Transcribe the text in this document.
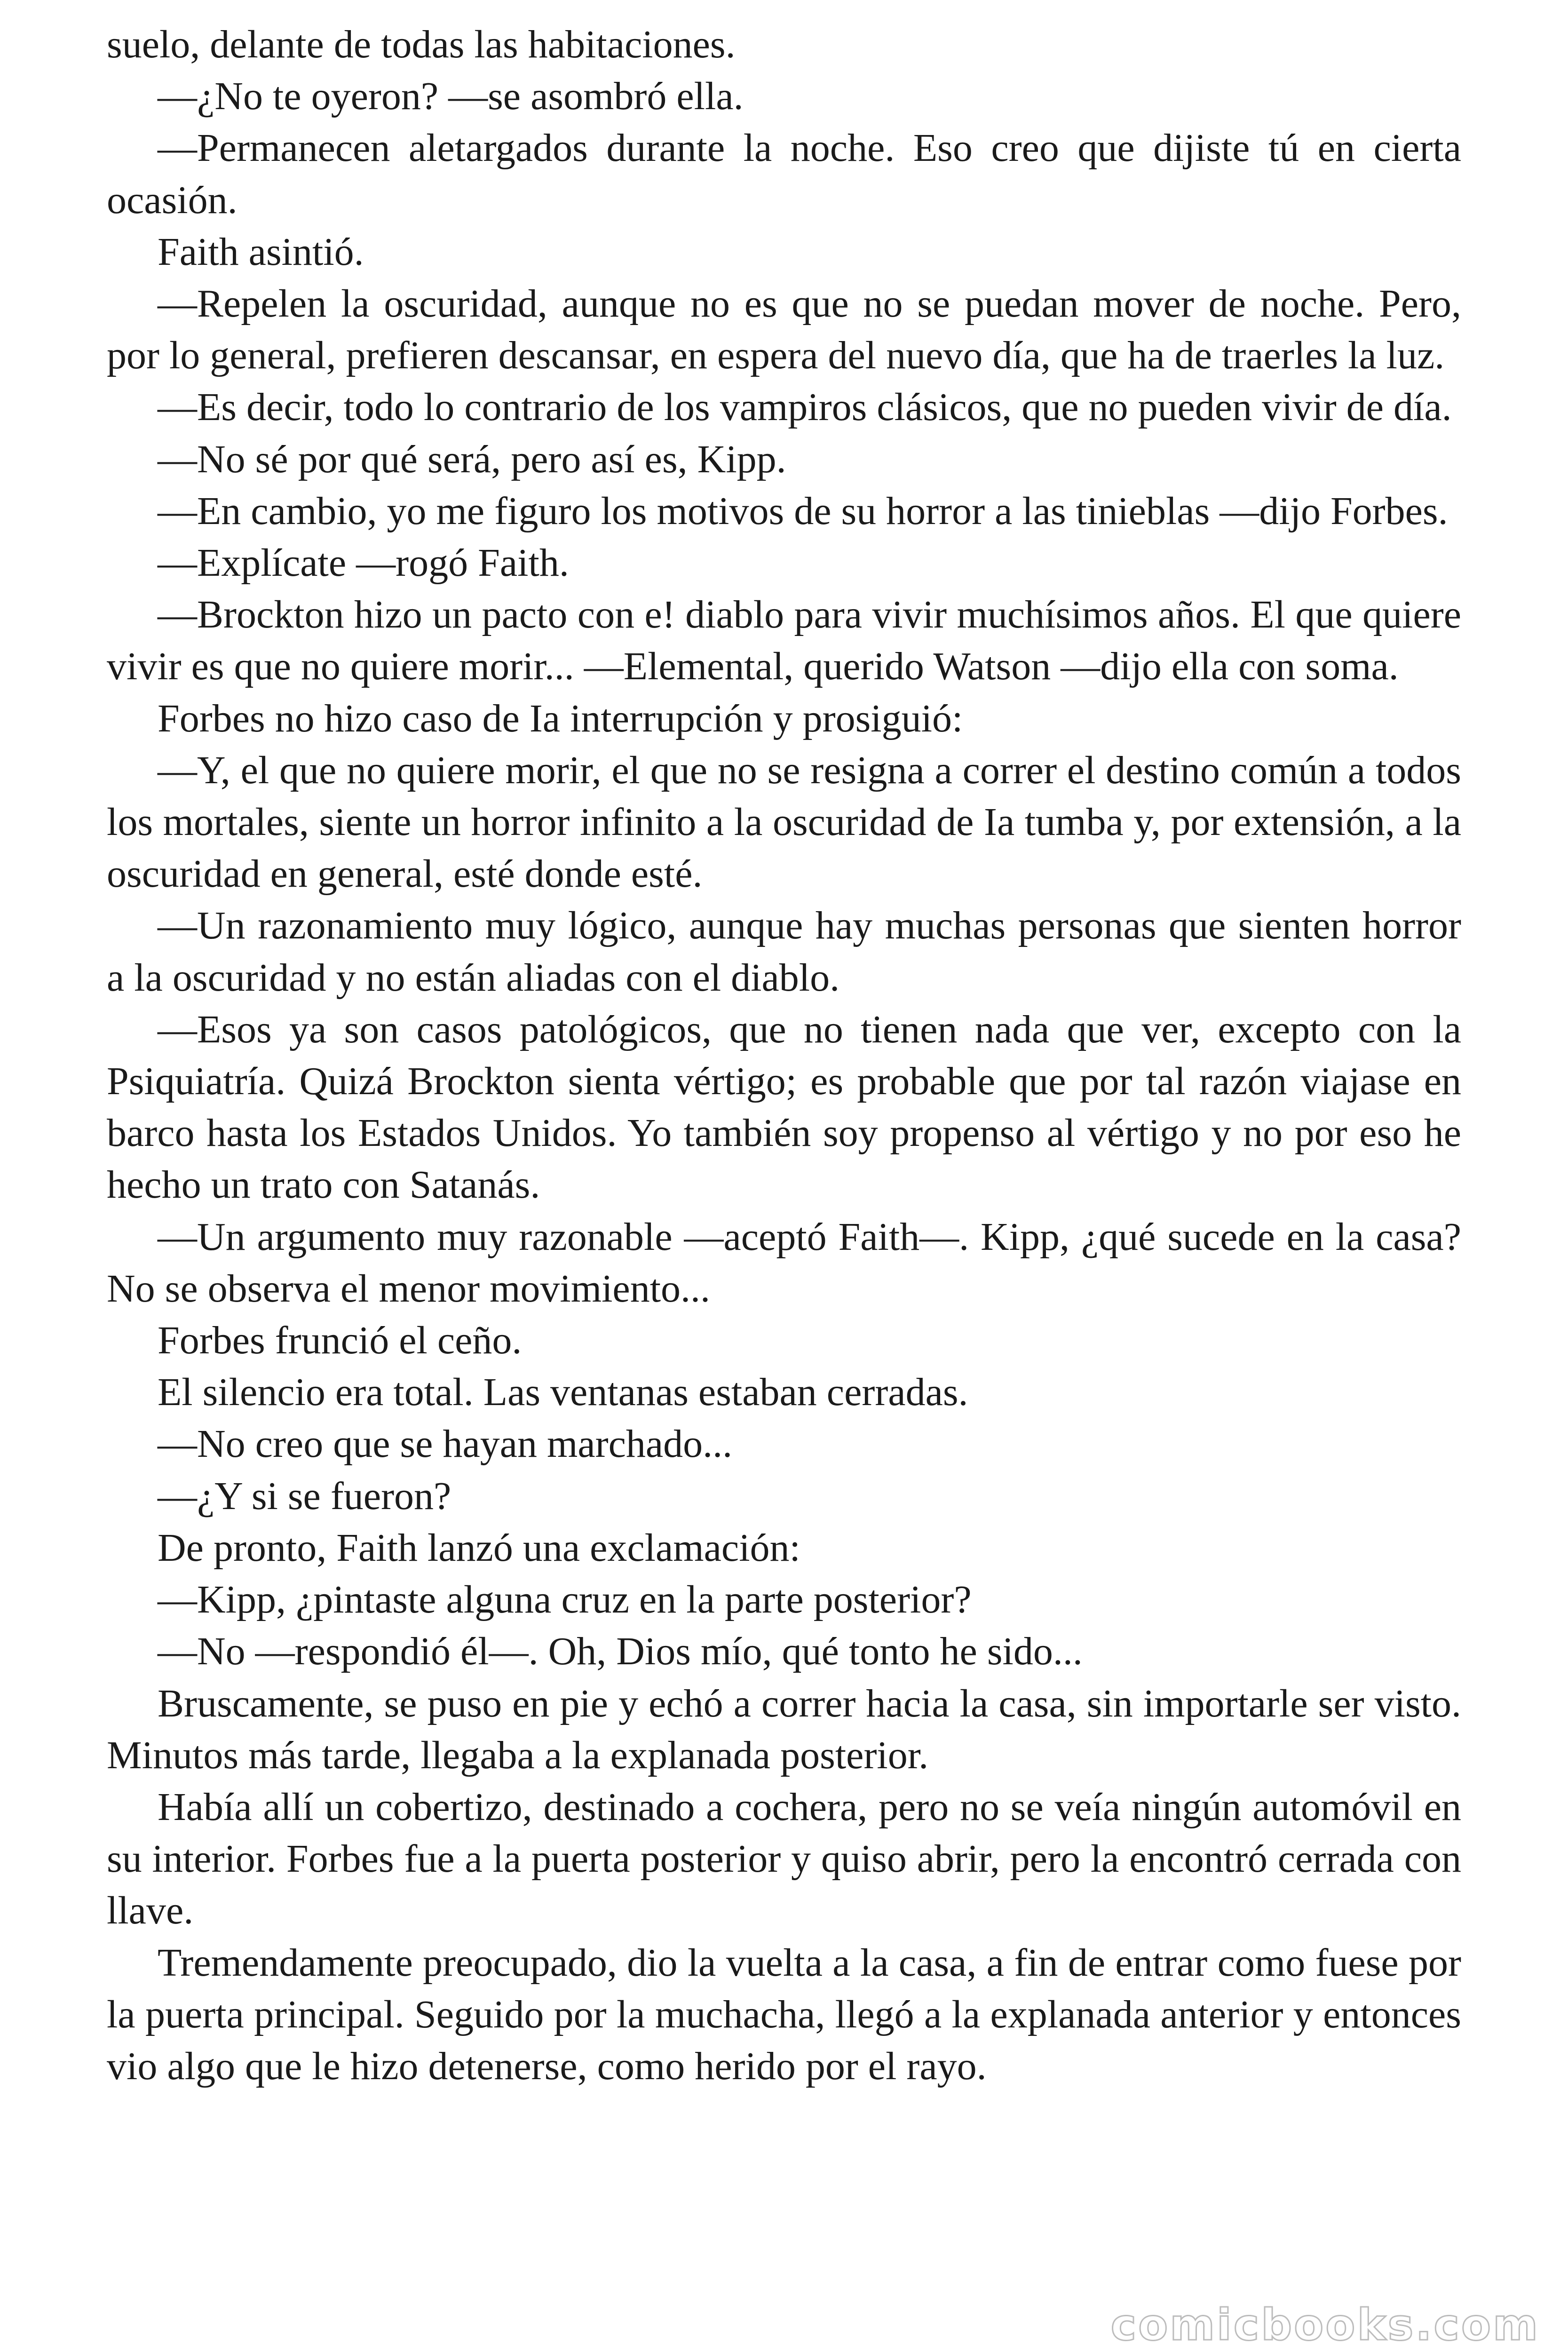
suelo, delante de todas las habitaciones.

—¿No te oyeron? —se asombró ella.

—Permanecen aletargados durante la noche. Eso creo que dijiste tú en cierta ocasión.

Faith asintió.

—Repelen la oscuridad, aunque no es que no se puedan mover de noche. Pero, por lo general, prefieren descansar, en espera del nuevo día, que ha de traerles la luz.

—Es decir, todo lo contrario de los vampiros clásicos, que no pueden vivir de día.

—No sé por qué será, pero así es, Kipp.

—En cambio, yo me figuro los motivos de su horror a las tinieblas —dijo Forbes.

—Explícate —rogó Faith.

—Brockton hizo un pacto con e! diablo para vivir muchísimos años. El que quiere vivir es que no quiere morir... —Elemental, querido Watson —dijo ella con soma.

Forbes no hizo caso de Ia interrupción y prosiguió:

—Y, el que no quiere morir, el que no se resigna a correr el destino común a todos los mortales, siente un horror infinito a la oscuridad de Ia tumba y, por extensión, a la oscuridad en general, esté donde esté.

—Un razonamiento muy lógico, aunque hay muchas personas que sienten horror a la oscuridad y no están aliadas con el diablo.

—Esos ya son casos patológicos, que no tienen nada que ver, excepto con la Psiquiatría. Quizá Brockton sienta vértigo; es probable que por tal razón viajase en barco hasta los Estados Unidos. Yo también soy propenso al vértigo y no por eso he hecho un trato con Satanás.

—Un argumento muy razonable —aceptó Faith—. Kipp, ¿qué sucede en la casa? No se observa el menor movimiento...

Forbes frunció el ceño.

El silencio era total. Las ventanas estaban cerradas.

—No creo que se hayan marchado...

—¿Y si se fueron?

De pronto, Faith lanzó una exclamación:

—Kipp, ¿pintaste alguna cruz en la parte posterior?

—No —respondió él—. Oh, Dios mío, qué tonto he sido...

Bruscamente, se puso en pie y echó a correr hacia la casa, sin importarle ser visto. Minutos más tarde, llegaba a la explanada posterior.

Había allí un cobertizo, destinado a cochera, pero no se veía ningún automóvil en su interior. Forbes fue a la puerta posterior y quiso abrir, pero la encontró cerrada con llave.

Tremendamente preocupado, dio la vuelta a la casa, a fin de entrar como fuese por la puerta principal. Seguido por la muchacha, llegó a la explanada anterior y entonces vio algo que le hizo detenerse, como herido por el rayo.

comicbooks.com
